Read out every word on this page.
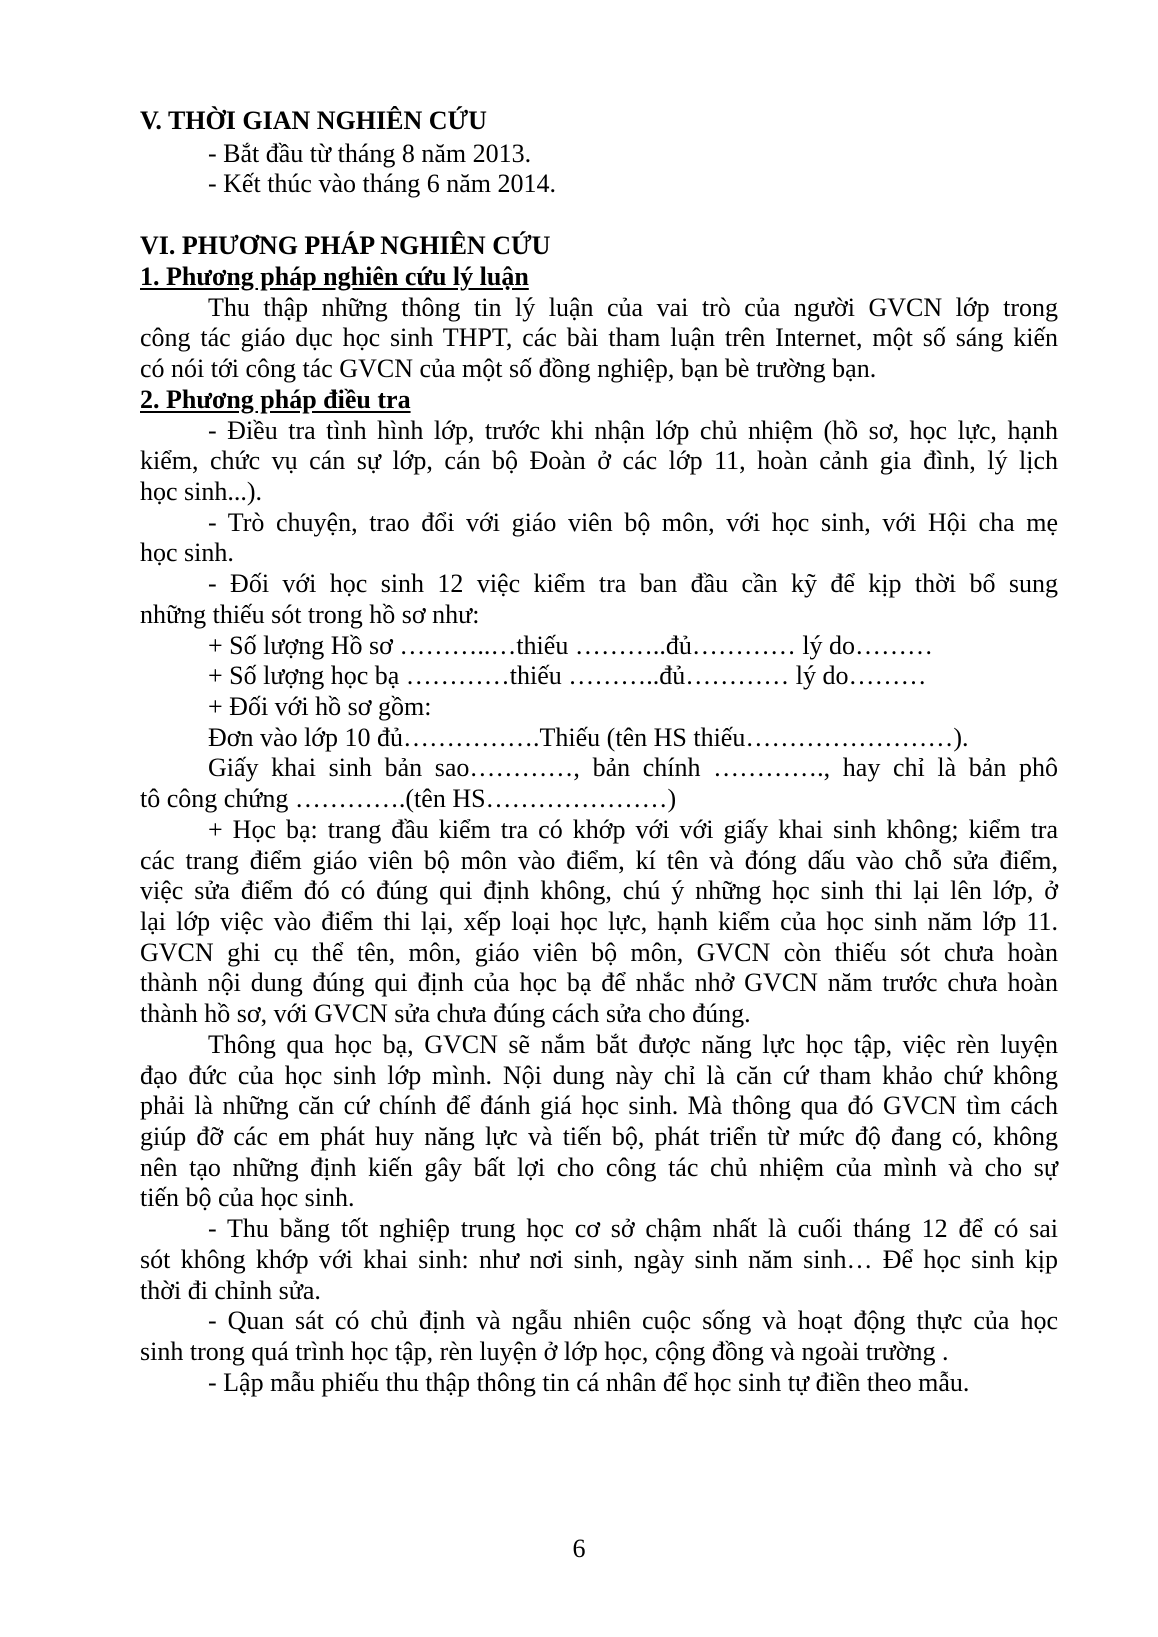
V. THỜI GIAN NGHIÊN CỨU
- Bắt đầu từ tháng 8 năm 2013.
- Kết thúc vào tháng 6 năm 2014.
VI. PHƯƠNG PHÁP NGHIÊN CỨU
1. Phương pháp nghiên cứu lý luận
Thu thập những thông tin lý luận của vai trò của người GVCN lớp trong
công tác giáo dục học sinh THPT, các bài tham luận trên Internet, một số sáng kiến
có nói tới công tác GVCN của một số đồng nghiệp, bạn bè trường bạn.
2. Phương pháp điều tra
- Điều tra tình hình lớp, trước khi nhận lớp chủ nhiệm (hồ sơ, học lực, hạnh
kiểm, chức vụ cán sự lớp, cán bộ Đoàn ở các lớp 11, hoàn cảnh gia đình, lý lịch
học sinh...).
- Trò chuyện, trao đổi với giáo viên bộ môn, với học sinh, với Hội cha mẹ
học sinh.
- Đối với học sinh 12 việc kiểm tra ban đầu cần kỹ để kịp thời bổ sung
những thiếu sót trong hồ sơ như:
+ Số lượng Hồ sơ ………..…thiếu ………..đủ………… lý do………
+ Số lượng học bạ …………thiếu ………..đủ………… lý do………
+ Đối với hồ sơ gồm:
Đơn vào lớp 10 đủ…………….Thiếu (tên HS thiếu……………………).
Giấy khai sinh bản sao…………, bản chính …………., hay chỉ là bản phô
tô công chứng ………….(tên HS…………………)
+ Học bạ: trang đầu kiểm tra có khớp với với giấy khai sinh không; kiểm tra
các trang điểm giáo viên bộ môn vào điểm, kí tên và đóng dấu vào chỗ sửa điểm,
việc sửa điểm đó có đúng qui định không, chú ý những học sinh thi lại lên lớp, ở
lại lớp việc vào điểm thi lại, xếp loại học lực, hạnh kiểm của học sinh năm lớp 11.
GVCN ghi cụ thể tên, môn, giáo viên bộ môn, GVCN còn thiếu sót chưa hoàn
thành nội dung đúng qui định của học bạ để nhắc nhở GVCN năm trước chưa hoàn
thành hồ sơ, với GVCN sửa chưa đúng cách sửa cho đúng.
Thông qua học bạ, GVCN sẽ nắm bắt được năng lực học tập, việc rèn luyện
đạo đức của học sinh lớp mình. Nội dung này chỉ là căn cứ tham khảo chứ không
phải là những căn cứ chính để đánh giá học sinh. Mà thông qua đó GVCN tìm cách
giúp đỡ các em phát huy năng lực và tiến bộ, phát triển từ mức độ đang có, không
nên tạo những định kiến gây bất lợi cho công tác chủ nhiệm của mình và cho sự
tiến bộ của học sinh.
- Thu bằng tốt nghiệp trung học cơ sở chậm nhất là cuối tháng 12 để có sai
sót không khớp với khai sinh: như nơi sinh, ngày sinh năm sinh… Để học sinh kịp
thời đi chỉnh sửa.
- Quan sát có chủ định và ngẫu nhiên cuộc sống và hoạt động thực của học
sinh trong quá trình học tập, rèn luyện ở lớp học, cộng đồng và ngoài trường .
- Lập mẫu phiếu thu thập thông tin cá nhân để học sinh tự điền theo mẫu.
6
